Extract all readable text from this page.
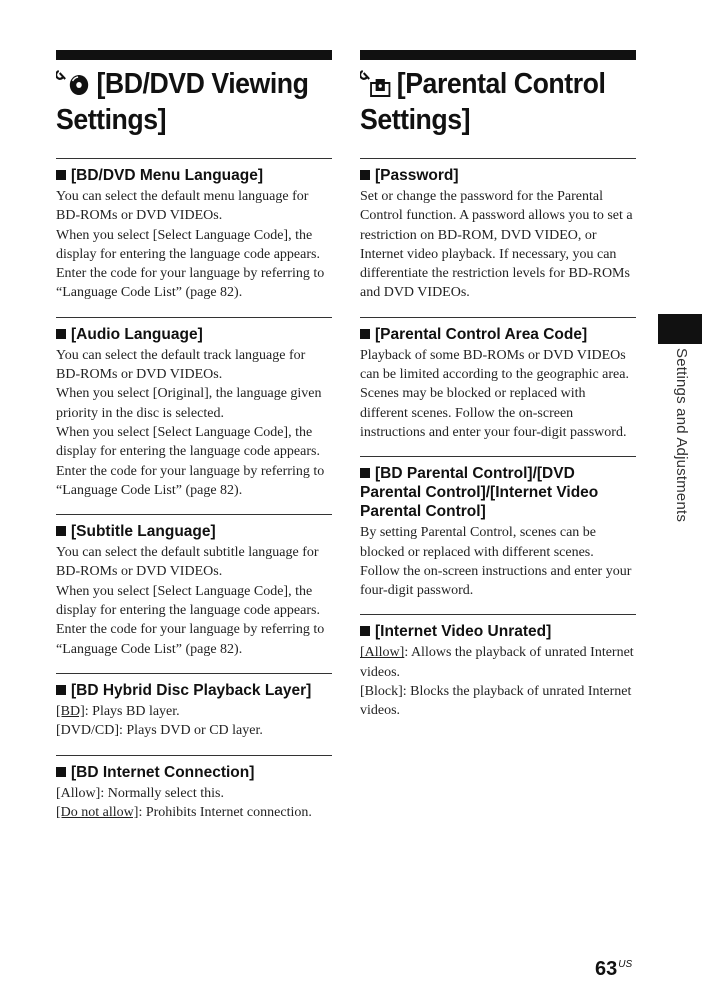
[BD/DVD Viewing
Settings]
[BD/DVD Menu Language]

You can select the default menu language for BD-ROMs or DVD VIDEOs.

When you select [Select Language Code], the display for entering the language code appears. Enter the code for your language by referring to “Language Code List” (page 82).

[Audio Language]

You can select the default track language for BD-ROMs or DVD VIDEOs.

When you select [Original], the language given priority in the disc is selected.

When you select [Select Language Code], the display for entering the language code appears. Enter the code for your language by referring to “Language Code List” (page 82).

[Subtitle Language]

You can select the default subtitle language for BD-ROMs or DVD VIDEOs.

When you select [Select Language Code], the display for entering the language code appears. Enter the code for your language by referring to “Language Code List” (page 82).

[BD Hybrid Disc Playback Layer]

[BD]: Plays BD layer.

[DVD/CD]: Plays DVD or CD layer.

[BD Internet Connection]

[Allow]: Normally select this.

[Do not allow]: Prohibits Internet connection.

[Parental Control
Settings]
[Password]

Set or change the password for the Parental Control function. A password allows you to set a restriction on BD-ROM, DVD VIDEO, or Internet video playback. If necessary, you can differentiate the restriction levels for BD-ROMs and DVD VIDEOs.

[Parental Control Area Code]

Playback of some BD-ROMs or DVD VIDEOs can be limited according to the geographic area. Scenes may be blocked or replaced with different scenes. Follow the on-screen instructions and enter your four-digit password.

[BD Parental Control]/[DVD Parental Control]/[Internet Video Parental Control]

By setting Parental Control, scenes can be blocked or replaced with different scenes. Follow the on-screen instructions and enter your four-digit password.

[Internet Video Unrated]

[Allow]: Allows the playback of unrated Internet videos.

[Block]: Blocks the playback of unrated Internet videos.

Settings and Adjustments
$63^{US}$
